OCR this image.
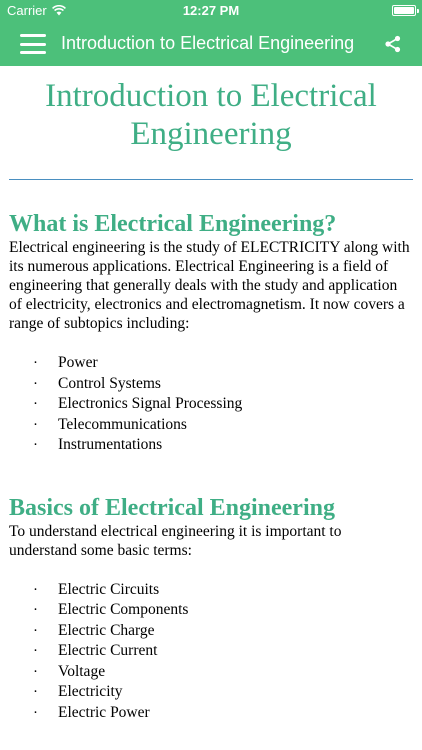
Carrier	12:27 PM
Introduction to Electrical Engineering
Introduction to Electrical Engineering
What is Electrical Engineering?

Electrical engineering is the study of ELECTRICITY along with its numerous applications. Electrical Engineering is a field of engineering that generally deals with the study and application of electricity, electronics and electromagnetism. It now covers a range of subtopics including:

· Power
· Control Systems
· Electronics Signal Processing
· Telecommunications
· Instrumentations
Basics of Electrical Engineering

To understand electrical engineering it is important to understand some basic terms:

· Electric Circuits
· Electric Components
· Electric Charge
· Electric Current
· Voltage
· Electricity
· Electric Power
